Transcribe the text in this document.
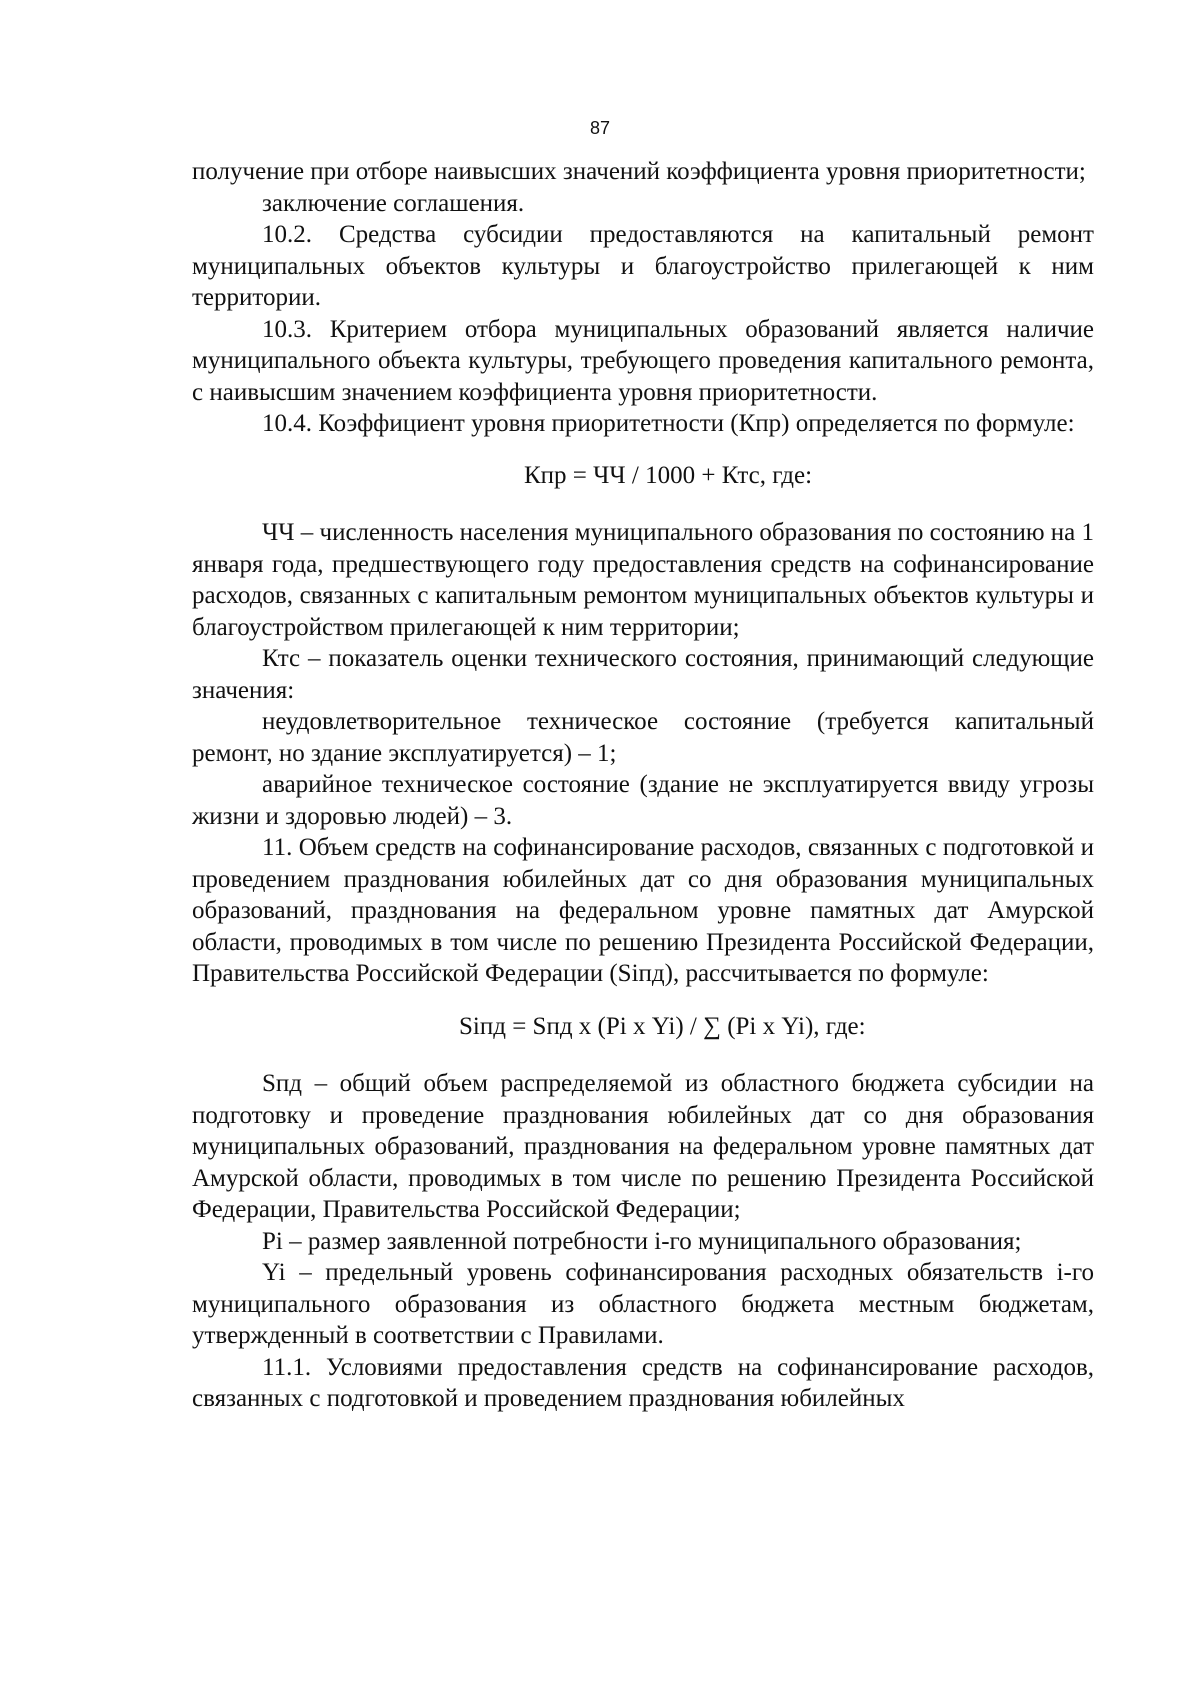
87

получение при отборе наивысших значений коэффициента уровня приоритетности;

заключение соглашения.

10.2. Средства субсидии предоставляются на капитальный ремонт муниципальных объектов культуры и благоустройство прилегающей к ним территории.

10.3. Критерием отбора муниципальных образований является наличие муниципального объекта культуры, требующего проведения капитального ремонта, с наивысшим значением коэффициента уровня приоритетности.

10.4. Коэффициент уровня приоритетности (Кпр) определяется по формуле:

Кпр = ЧЧ / 1000 + Ктс, где:

ЧЧ – численность населения муниципального образования по состоянию на 1 января года, предшествующего году предоставления средств на софинансирование расходов, связанных с капитальным ремонтом муниципальных объектов культуры и благоустройством прилегающей к ним территории;

Ктс – показатель оценки технического состояния, принимающий следующие значения:

неудовлетворительное техническое состояние (требуется капитальный ремонт, но здание эксплуатируется) – 1;

аварийное техническое состояние (здание не эксплуатируется ввиду угрозы жизни и здоровью людей) – 3.

11. Объем средств на софинансирование расходов, связанных с подготовкой и проведением празднования юбилейных дат со дня образования муниципальных образований, празднования на федеральном уровне памятных дат Амурской области, проводимых в том числе по решению Президента Российской Федерации, Правительства Российской Федерации (Siпд), рассчитывается по формуле:

Siпд = Sпд х (Pi х Yi) / ∑ (Pi х Yi), где:

Sпд – общий объем распределяемой из областного бюджета субсидии на подготовку и проведение празднования юбилейных дат со дня образования муниципальных образований, празднования на федеральном уровне памятных дат Амурской области, проводимых в том числе по решению Президента Российской Федерации, Правительства Российской Федерации;

Pi – размер заявленной потребности i-го муниципального образования;

Yi – предельный уровень софинансирования расходных обязательств i-го муниципального образования из областного бюджета местным бюджетам, утвержденный в соответствии с Правилами.

11.1. Условиями предоставления средств на софинансирование расходов, связанных с подготовкой и проведением празднования юбилейных
